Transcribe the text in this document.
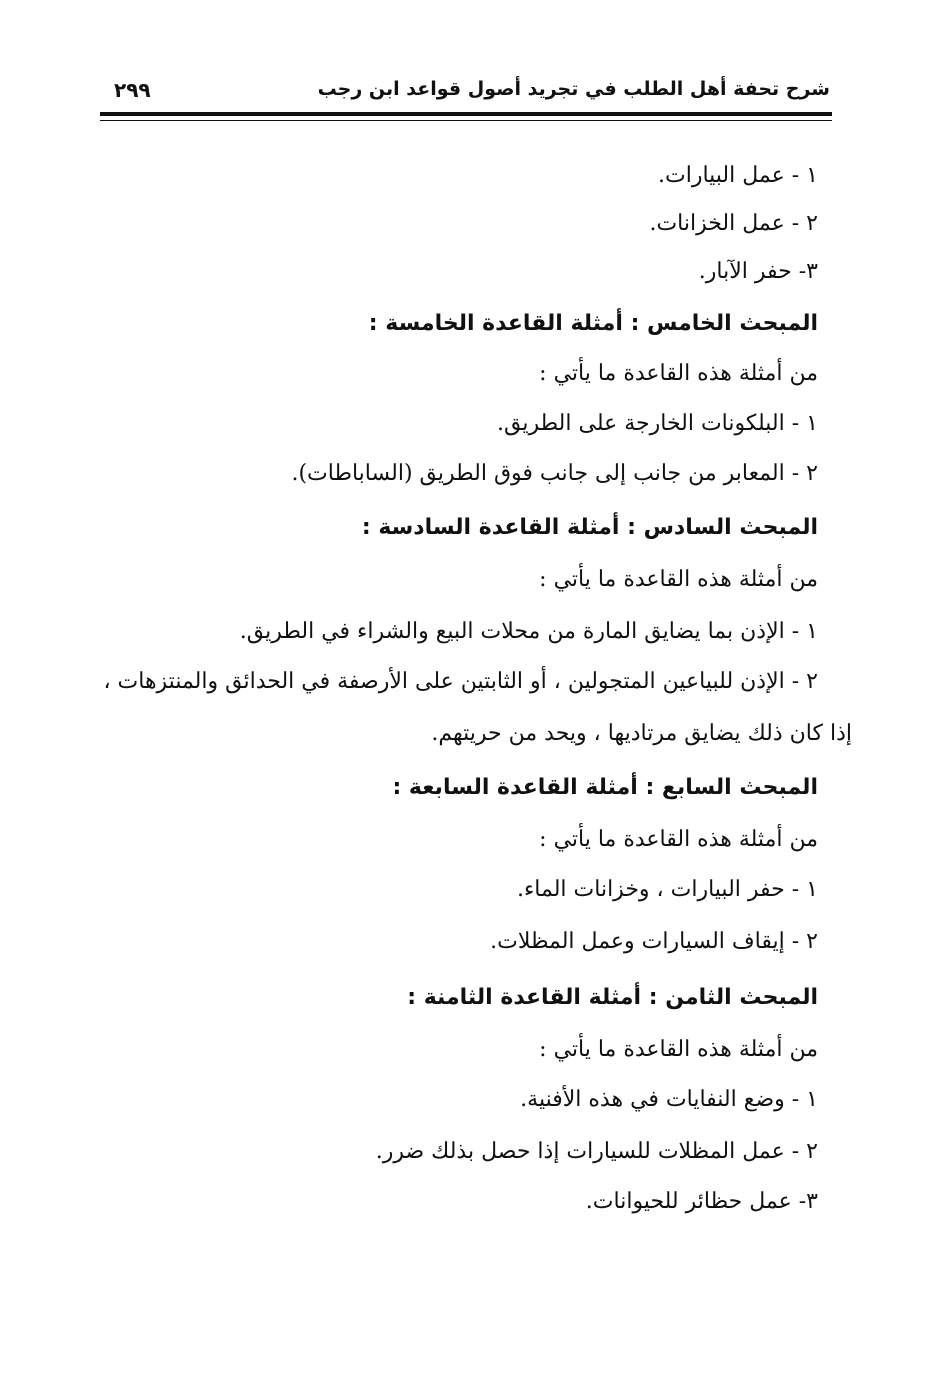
شرح تحفة أهل الطلب في تجريد أصول قواعد ابن رجب
٢٩٩
١ - عمل البيارات.
٢ - عمل الخزانات.
٣- حفر الآبار.
المبحث الخامس : أمثلة القاعدة الخامسة :
من أمثلة هذه القاعدة ما يأتي :
١ - البلكونات الخارجة على الطريق.
٢ - المعابر من جانب إلى جانب فوق الطريق (الساباطات).
المبحث السادس : أمثلة القاعدة السادسة :
من أمثلة هذه القاعدة ما يأتي :
١ - الإذن بما يضايق المارة من محلات البيع والشراء في الطريق.
٢ - الإذن للبياعين المتجولين ، أو الثابتين على الأرصفة في الحدائق والمنتزهات ،
إذا كان ذلك يضايق مرتاديها ، ويحد من حريتهم.
المبحث السابع : أمثلة القاعدة السابعة :
من أمثلة هذه القاعدة ما يأتي :
١ - حفر البيارات ، وخزانات الماء.
٢ - إيقاف السيارات وعمل المظلات.
المبحث الثامن : أمثلة القاعدة الثامنة :
من أمثلة هذه القاعدة ما يأتي :
١ - وضع النفايات في هذه الأفنية.
٢ - عمل المظلات للسيارات إذا حصل بذلك ضرر.
٣- عمل حظائر للحيوانات.
